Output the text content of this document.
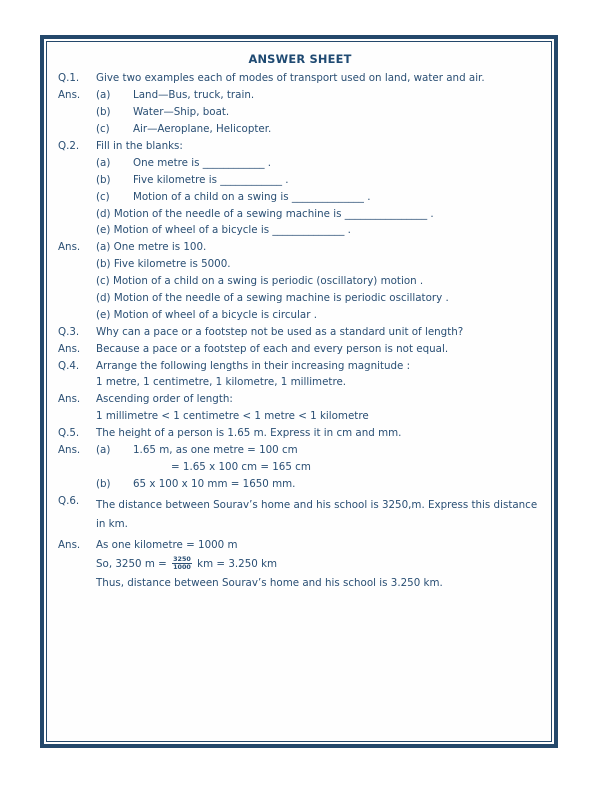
ANSWER SHEET
Q.1.	Give two examples each of modes of transport used on land, water and air.
Ans.	(a)	Land—Bus, truck, train.
(b)	Water—Ship, boat.
(c)	Air—Aeroplane, Helicopter.
Q.2.	Fill in the blanks:
(a)	One metre is ____________ .
(b)	Five kilometre is ____________ .
(c)	Motion of a child on a swing is ______________ .
(d) Motion of the needle of a sewing machine is ________________ .
(e) Motion of wheel of a bicycle is ______________ .
Ans.	(a) One metre is 100.
(b) Five kilometre is 5000.
(c) Motion of a child on a swing is periodic (oscillatory) motion .
(d) Motion of the needle of a sewing machine is periodic oscillatory .
(e) Motion of wheel of a bicycle is circular .
Q.3.	Why can a pace or a footstep not be used as a standard unit of length?
Ans.	Because a pace or a footstep of each and every person is not equal.
Q.4.	Arrange the following lengths in their increasing magnitude :
1 metre, 1 centimetre, 1 kilometre, 1 millimetre.
Ans.	Ascending order of length:
1 millimetre < 1 centimetre < 1 metre < 1 kilometre
Q.5.	The height of a person is 1.65 m. Express it in cm and mm.
Ans.	(a)	1.65 m, as one metre = 100 cm
= 1.65 x 100 cm = 165 cm
(b)	65 x 100 x 10 mm = 1650 mm.
Q.6.	The distance between Sourav’s home and his school is 3250,m. Express this distance in km.
Ans.	As one kilometre = 1000 m
So, 3250 $m = \frac{3250}{1000}$ km = 3.250 km
Thus, distance between Sourav’s home and his school is 3.250 km.
